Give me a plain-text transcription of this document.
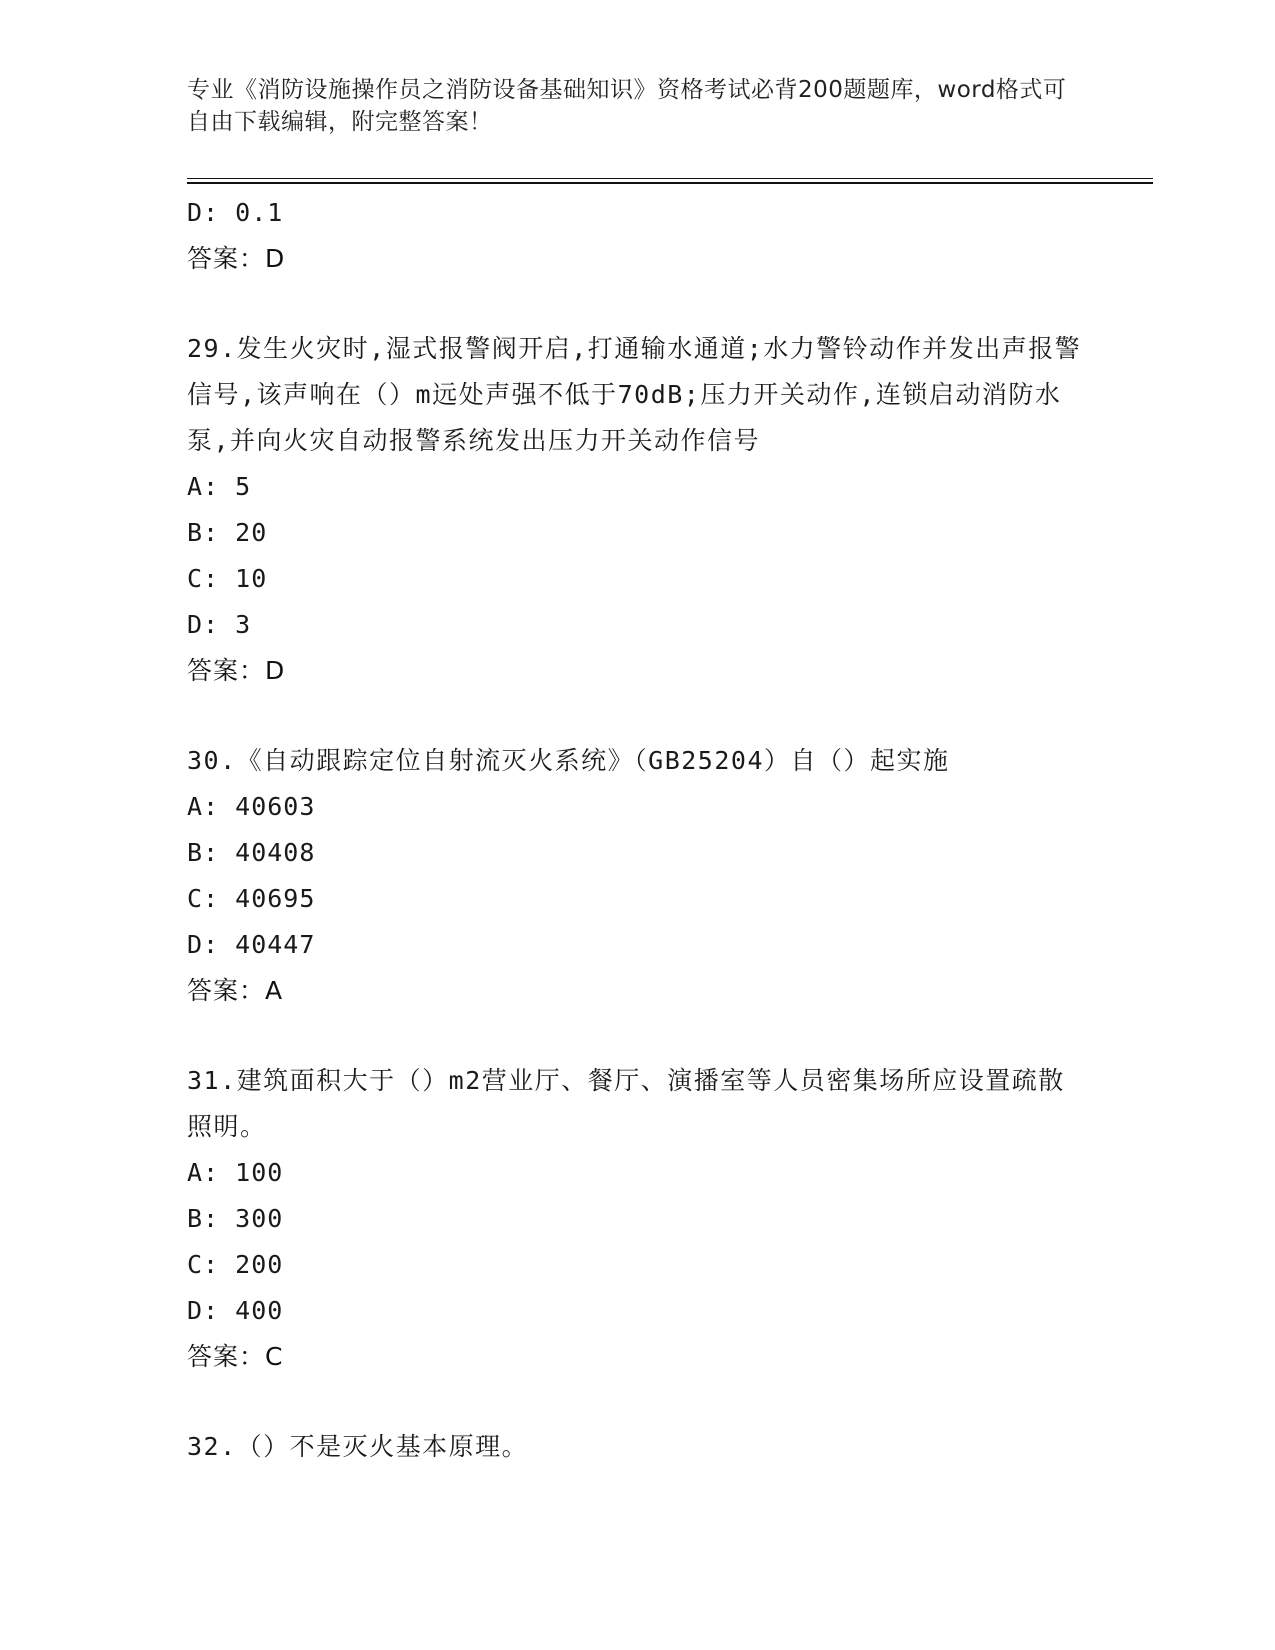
专业《消防设施操作员之消防设备基础知识》资格考试必背200题题库，word格式可自由下载编辑，附完整答案！
D: 0.1
答案：D
29.发生火灾时,湿式报警阀开启,打通输水通道;水力警铃动作并发出声报警信号,该声响在（）m远处声强不低于70dB;压力开关动作,连锁启动消防水泵,并向火灾自动报警系统发出压力开关动作信号
A: 5
B: 20
C: 10
D: 3
答案：D
30.《自动跟踪定位自射流灭火系统》（GB25204）自（）起实施
A: 40603
B: 40408
C: 40695
D: 40447
答案：A
31.建筑面积大于（）m2营业厅、餐厅、演播室等人员密集场所应设置疏散照明。
A: 100
B: 300
C: 200
D: 400
答案：C
32.（）不是灭火基本原理。
